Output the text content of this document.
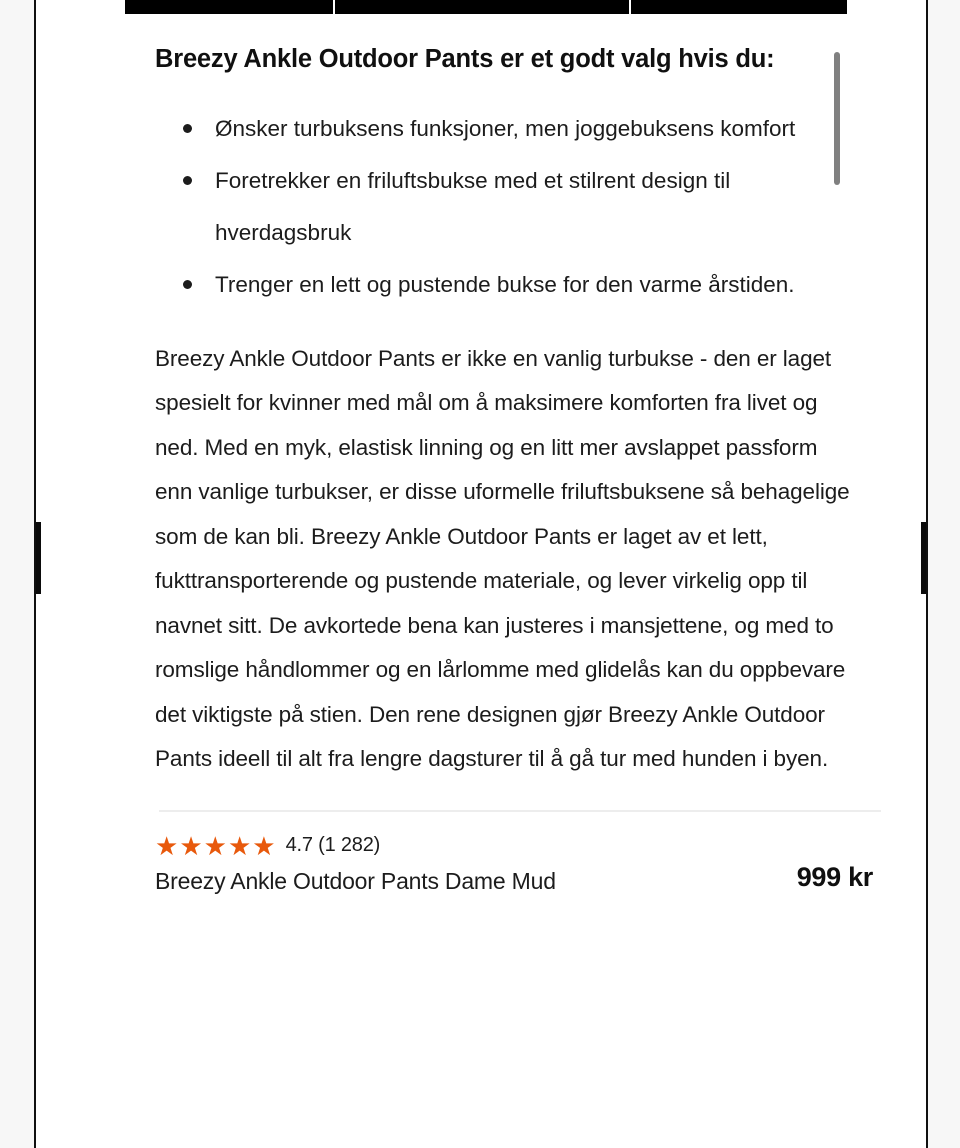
Breezy Ankle Outdoor Pants er et godt valg hvis du:
Ønsker turbuksens funksjoner, men joggebuksens komfort
Foretrekker en friluftsbukse med et stilrent design til hverdagsbruk
Trenger en lett og pustende bukse for den varme årstiden.

Breezy Ankle Outdoor Pants er ikke en vanlig turbukse - den er laget spesielt for kvinner med mål om å maksimere komforten fra livet og ned. Med en myk, elastisk linning og en litt mer avslappet passform enn vanlige turbukser, er disse uformelle friluftsbuksene så behagelige som de kan bli. Breezy Ankle Outdoor Pants er laget av et lett, fukttransporterende og pustende materiale, og lever virkelig opp til navnet sitt. De avkortede bena kan justeres i mansjettene, og med to romslige håndlommer og en lårlomme med glidelås kan du oppbevare det viktigste på stien. Den rene designen gjør Breezy Ankle Outdoor Pants ideell til alt fra lengre dagsturer til å gå tur med hunden i byen.

★ ★ ★ ★ ★ 4.7 (1 282)
Breezy Ankle Outdoor Pants Dame Mud	999 kr
